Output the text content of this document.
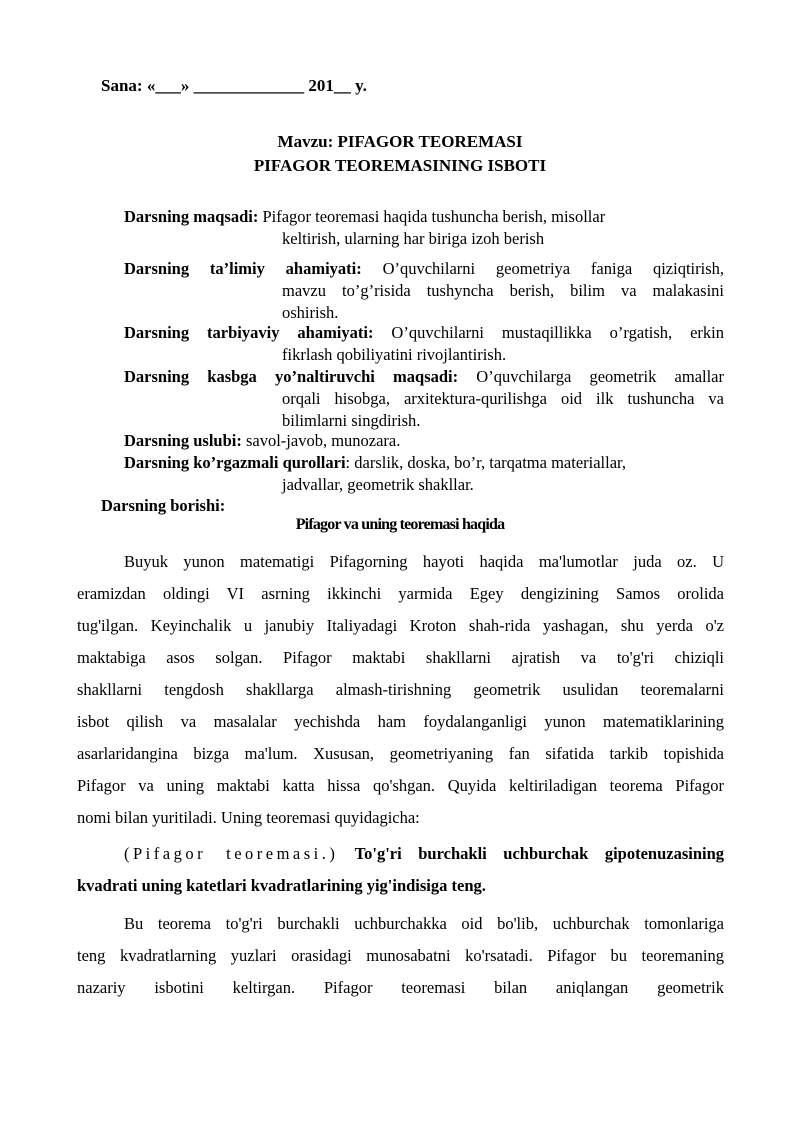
Sana: «___» _____________ 201__ y.
Mavzu: PIFAGOR TEOREMASI
PIFAGOR TEOREMASINING ISBOTI
Darsning maqsadi: Pifagor teoremasi haqida tushuncha berish, misollar
keltirish, ularning har biriga izoh berish
Darsning ta’limiy ahamiyati: O’quvchilarni geometriya faniga qiziqtirish,
mavzu to’g’risida tushyncha berish, bilim va malakasini
oshirish.
Darsning tarbiyaviy ahamiyati: O’quvchilarni mustaqillikka o’rgatish, erkin
fikrlash qobiliyatini rivojlantirish.
Darsning kasbga yo’naltiruvchi maqsadi: O’quvchilarga geometrik amallar
orqali hisobga, arxitektura-qurilishga oid ilk tushuncha va
bilimlarni singdirish.
Darsning uslubi: savol-javob, munozara.
Darsning ko’rgazmali qurollari: darslik, doska, bo’r, tarqatma materiallar,
jadvallar, geometrik shakllar.
Darsning borishi:
Pifagor va uning teoremasi haqida
Buyuk yunon matematigi Pifagorning hayoti haqida ma'lumotlar juda oz. U
eramizdan oldingi VI asrning ikkinchi yarmida Egey dengizining Samos orolida
tug'ilgan. Keyinchalik u janubiy Italiyadagi Kroton shah-rida yashagan, shu yerda o'z
maktabiga asos solgan. Pifagor maktabi shakllarni ajratish va to'g'ri chiziqli
shakllarni tengdosh shakllarga almash-tirishning geometrik usulidan teoremalarni
isbot qilish va masalalar yechishda ham foydalanganligi yunon matematiklarining
asarlaridangina bizga ma'lum. Xususan, geometriyaning fan sifatida tarkib topishida
Pifagor va uning maktabi katta hissa qo'shgan. Quyida keltiriladigan teorema Pifagor
nomi bilan yuritiladi. Uning teoremasi quyidagicha:
(Pifagor teoremasi.) To'g'ri burchakli uchburchak gipotenuzasining
kvadrati uning katetlari kvadratlarining yig'indisiga teng.
Bu teorema to'g'ri burchakli uchburchakka oid bo'lib, uchburchak tomonlariga
teng kvadratlarning yuzlari orasidagi munosabatni ko'rsatadi. Pifagor bu teoremaning
nazariy isbotini keltirgan. Pifagor teoremasi bilan aniqlangan geometrik
